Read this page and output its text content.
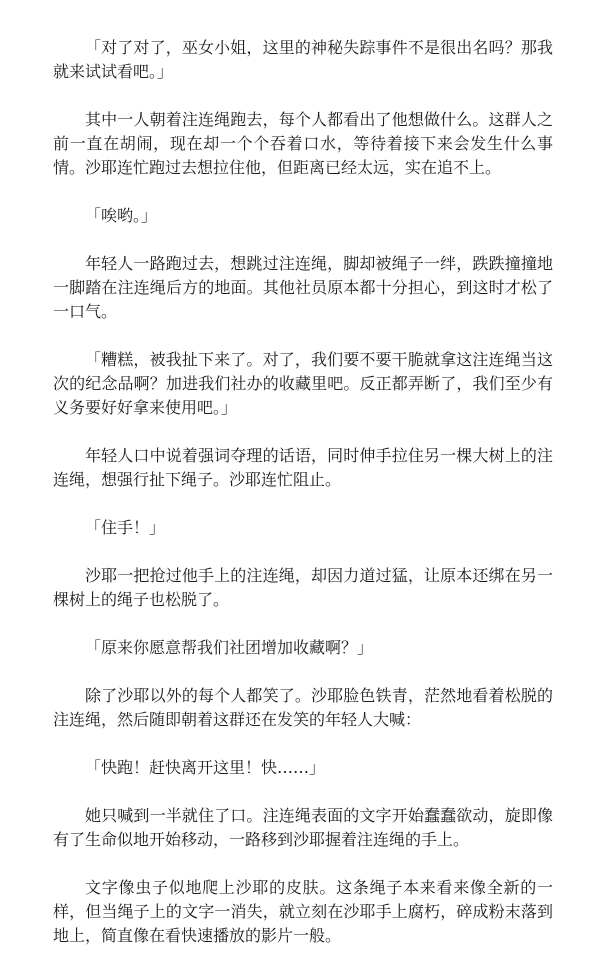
「对了对了，巫女小姐，这里的神秘失踪事件不是很出名吗？那我就来试试看吧。」

其中一人朝着注连绳跑去，每个人都看出了他想做什么。这群人之前一直在胡闹，现在却一个个吞着口水，等待着接下来会发生什么事情。沙耶连忙跑过去想拉住他，但距离已经太远，实在追不上。

「唉哟。」

年轻人一路跑过去，想跳过注连绳，脚却被绳子一绊，跌跌撞撞地一脚踏在注连绳后方的地面。其他社员原本都十分担心，到这时才松了一口气。

「糟糕，被我扯下来了。对了，我们要不要干脆就拿这注连绳当这次的纪念品啊？加进我们社办的收藏里吧。反正都弄断了，我们至少有义务要好好拿来使用吧。」

年轻人口中说着强词夺理的话语，同时伸手拉住另一棵大树上的注连绳，想强行扯下绳子。沙耶连忙阻止。

「住手！」

沙耶一把抢过他手上的注连绳，却因力道过猛，让原本还绑在另一棵树上的绳子也松脱了。

「原来你愿意帮我们社团增加收藏啊？」

除了沙耶以外的每个人都笑了。沙耶脸色铁青，茫然地看着松脱的注连绳，然后随即朝着这群还在发笑的年轻人大喊：

「快跑！赶快离开这里！快……」

她只喊到一半就住了口。注连绳表面的文字开始蠢蠢欲动，旋即像有了生命似地开始移动，一路移到沙耶握着注连绳的手上。

文字像虫子似地爬上沙耶的皮肤。这条绳子本来看来像全新的一样，但当绳子上的文字一消失，就立刻在沙耶手上腐朽，碎成粉末落到地上，简直像在看快速播放的影片一般。
